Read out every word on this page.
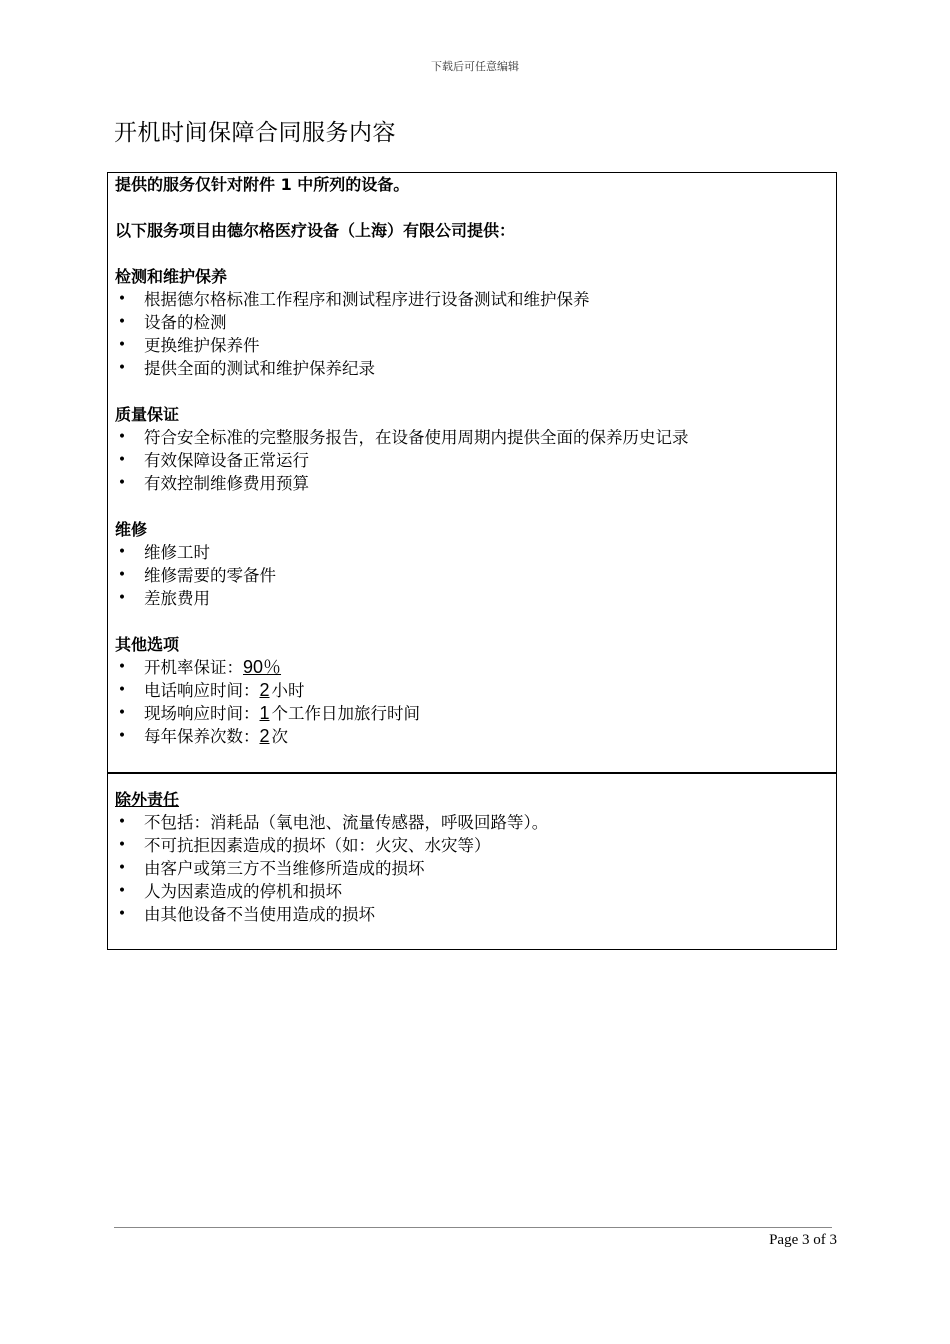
下载后可任意编辑
开机时间保障合同服务内容
提供的服务仅针对附件 1 中所列的设备。
以下服务项目由德尔格医疗设备（上海）有限公司提供：
检测和维护保养
• 根据德尔格标准工作程序和测试程序进行设备测试和维护保养
• 设备的检测
• 更换维护保养件
• 提供全面的测试和维护保养纪录
质量保证
• 符合安全标准的完整服务报告，在设备使用周期内提供全面的保养历史记录
• 有效保障设备正常运行
• 有效控制维修费用预算
维修
• 维修工时
• 维修需要的零备件
• 差旅费用
其他选项
• 开机率保证：90％
• 电话响应时间：2小时
• 现场响应时间：1个工作日加旅行时间
• 每年保养次数：2次
除外责任
• 不包括：消耗品（氧电池、流量传感器，呼吸回路等）。
• 不可抗拒因素造成的损坏（如：火灾、水灾等）
• 由客户或第三方不当维修所造成的损坏
• 人为因素造成的停机和损坏
• 由其他设备不当使用造成的损坏
Page 3 of 3
